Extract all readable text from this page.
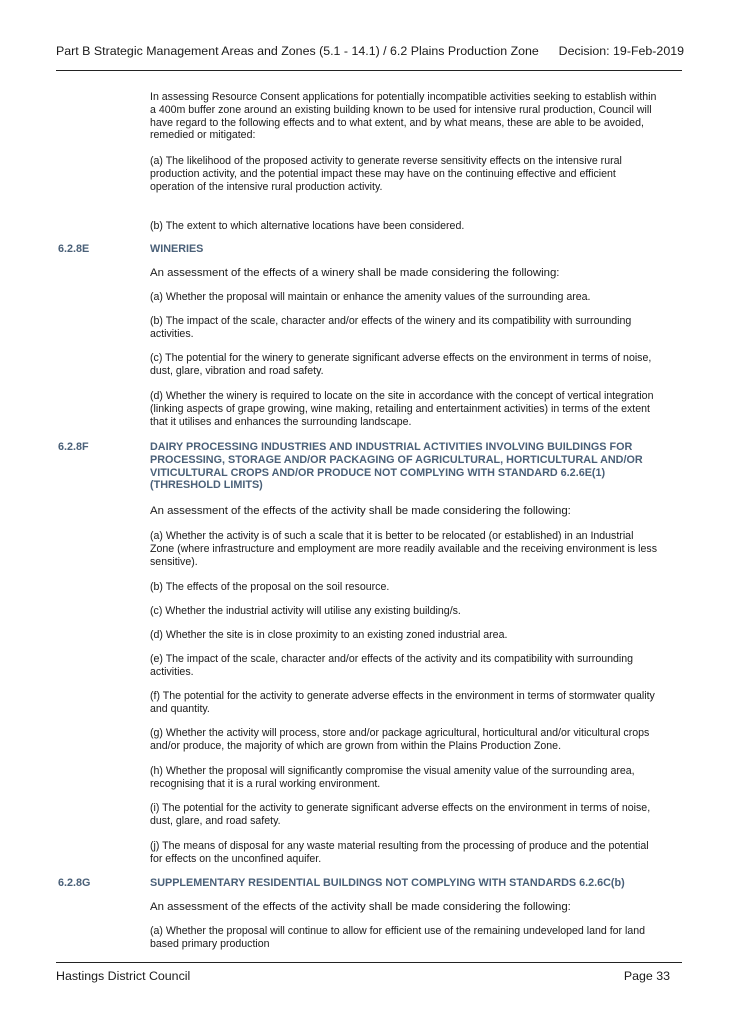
Part B Strategic Management Areas and Zones (5.1 - 14.1) / 6.2 Plains Production Zone Decision: 19-Feb-2019
In assessing Resource Consent applications for potentially incompatible activities seeking to establish within a 400m buffer zone around an existing building known to be used for intensive rural production, Council will have regard to the following effects and to what extent, and by what means, these are able to be avoided, remedied or mitigated:
(a) The likelihood of the proposed activity to generate reverse sensitivity effects on the intensive rural production activity, and the potential impact these may have on the continuing effective and efficient operation of the intensive rural production activity.
(b) The extent to which alternative locations have been considered.
6.2.8E	WINERIES
An assessment of the effects of a winery shall be made considering the following:
(a) Whether the proposal will maintain or enhance the amenity values of the surrounding area.
(b) The impact of the scale, character and/or effects of the winery and its compatibility with surrounding activities.
(c) The potential for the winery to generate significant adverse effects on the environment in terms of noise, dust, glare, vibration and road safety.
(d) Whether the winery is required to locate on the site in accordance with the concept of vertical integration (linking aspects of grape growing, wine making, retailing and entertainment activities) in terms of the extent that it utilises and enhances the surrounding landscape.
6.2.8F	DAIRY PROCESSING INDUSTRIES AND INDUSTRIAL ACTIVITIES INVOLVING BUILDINGS FOR PROCESSING, STORAGE AND/OR PACKAGING OF AGRICULTURAL, HORTICULTURAL AND/OR VITICULTURAL CROPS AND/OR PRODUCE NOT COMPLYING WITH STANDARD 6.2.6E(1) (THRESHOLD LIMITS)
An assessment of the effects of the activity shall be made considering the following:
(a) Whether the activity is of such a scale that it is better to be relocated (or established) in an Industrial Zone (where infrastructure and employment are more readily available and the receiving environment is less sensitive).
(b) The effects of the proposal on the soil resource.
(c) Whether the industrial activity will utilise any existing building/s.
(d) Whether the site is in close proximity to an existing zoned industrial area.
(e) The impact of the scale, character and/or effects of the activity and its compatibility with surrounding activities.
(f) The potential for the activity to generate adverse effects in the environment in terms of stormwater quality and quantity.
(g) Whether the activity will process, store and/or package agricultural, horticultural and/or viticultural crops and/or produce, the majority of which are grown from within the Plains Production Zone.
(h) Whether the proposal will significantly compromise the visual amenity value of the surrounding area, recognising that it is a rural working environment.
(i) The potential for the activity to generate significant adverse effects on the environment in terms of noise, dust, glare, and road safety.
(j) The means of disposal for any waste material resulting from the processing of produce and the potential for effects on the unconfined aquifer.
6.2.8G	SUPPLEMENTARY RESIDENTIAL BUILDINGS NOT COMPLYING WITH STANDARDS 6.2.6C(b)
An assessment of the effects of the activity shall be made considering the following:
(a) Whether the proposal will continue to allow for efficient use of the remaining undeveloped land for land based primary production
Hastings District Council	Page 33
